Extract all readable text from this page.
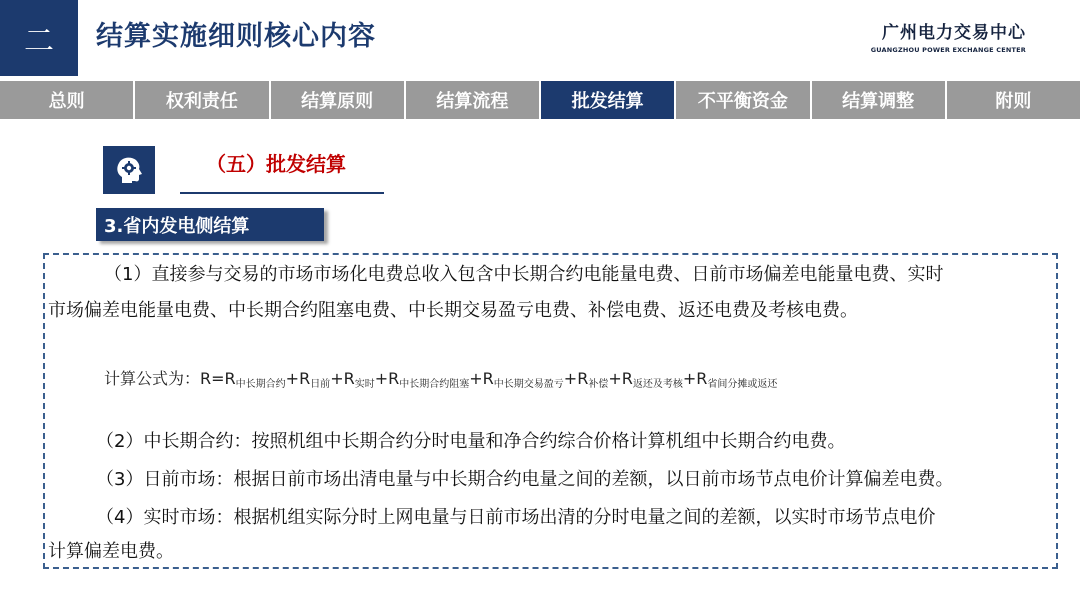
二 结算实施细则核心内容	广州电力交易中心
GUANGZHOU POWER EXCHANGE CENTER
总则	权利责任	结算原则	结算流程	批发结算	不平衡资金	结算调整	附则
（五）批发结算
3.省内发电侧结算
（1）直接参与交易的市场市场化电费总收入包含中长期合约电能量电费、日前市场偏差电能量电费、实时
市场偏差电能量电费、中长期合约阻塞电费、中长期交易盈亏电费、补偿电费、返还电费及考核电费。
计算公式为：$R=R_{中长期合约}+R_{日前}+R_{实时}+R_{中长期合约阻塞}+R_{中长期交易盈亏}+R_{补偿}+R_{返还及考核}+R_{省间分摊或返还}$
（2）中长期合约：按照机组中长期合约分时电量和净合约综合价格计算机组中长期合约电费。
（3）日前市场：根据日前市场出清电量与中长期合约电量之间的差额，以日前市场节点电价计算偏差电费。
（4）实时市场：根据机组实际分时上网电量与日前市场出清的分时电量之间的差额，以实时市场节点电价
计算偏差电费。
